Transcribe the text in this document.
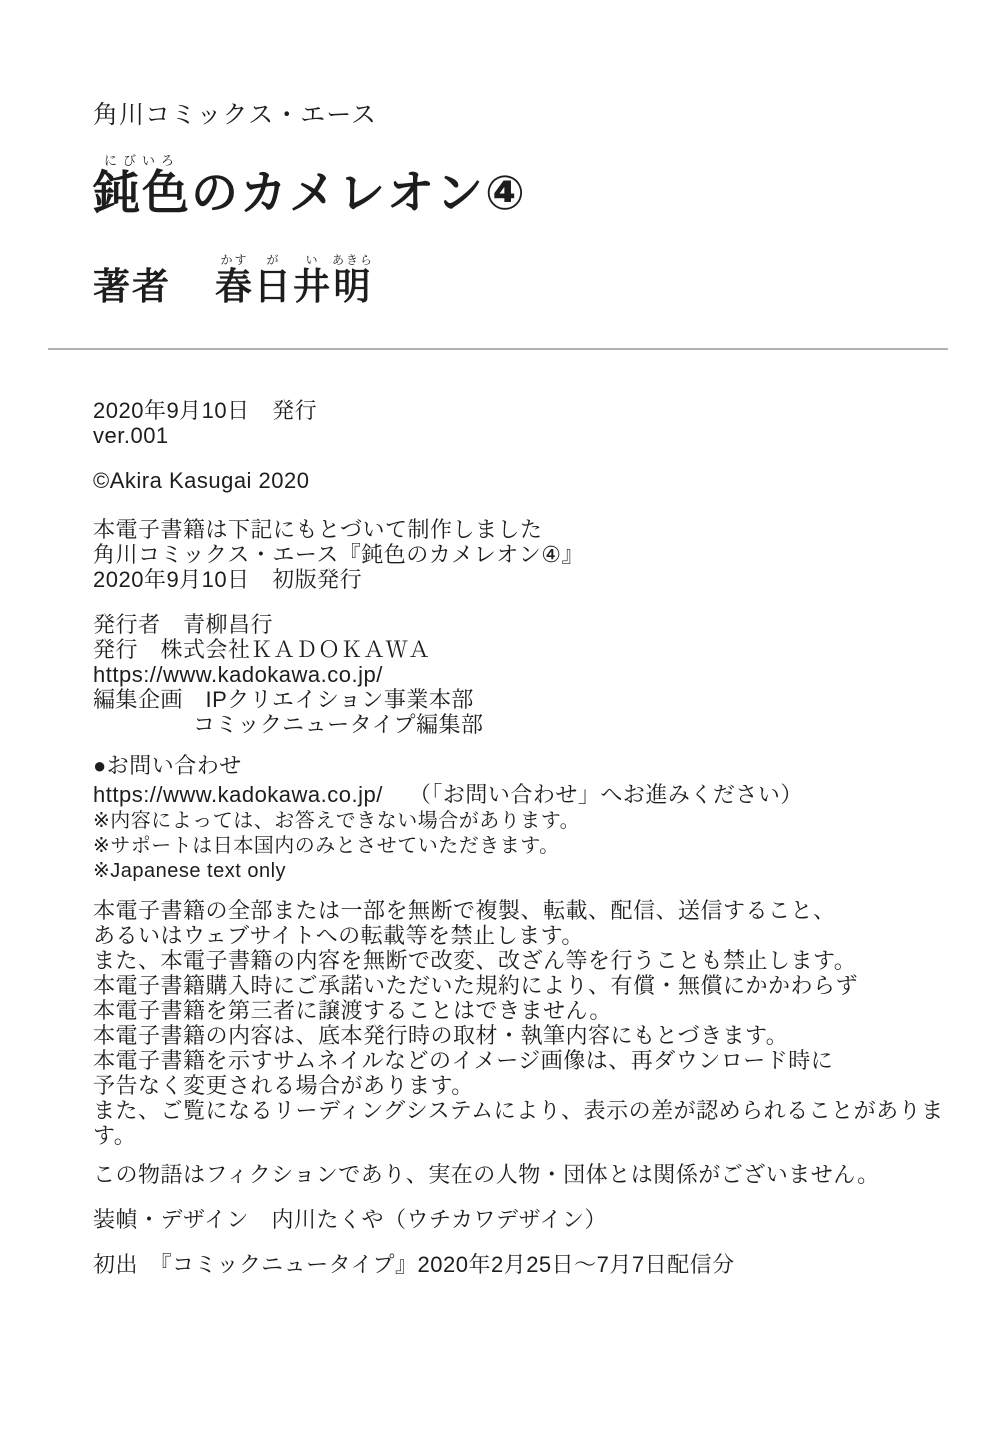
角川コミックス・エース
鈍色にびいろのカメレオン④
著者 春かす日が井い明あきら
2020年9月10日　発行
ver.001
©Akira Kasugai 2020
本電子書籍は下記にもとづいて制作しました
角川コミックス・エース『鈍色のカメレオン④』
2020年9月10日　初版発行
発行者　青柳昌行
発行　株式会社ＫＡＤＯＫＡＷＡ
https://www.kadokawa.co.jp/
編集企画　IPクリエイション事業本部
コミックニュータイプ編集部
●お問い合わせ
https://www.kadokawa.co.jp/ （「お問い合わせ」へお進みください）
※内容によっては、お答えできない場合があります。
※サポートは日本国内のみとさせていただきます。
※Japanese text only
本電子書籍の全部または一部を無断で複製、転載、配信、送信すること、
あるいはウェブサイトへの転載等を禁止します。
また、本電子書籍の内容を無断で改変、改ざん等を行うことも禁止します。
本電子書籍購入時にご承諾いただいた規約により、有償・無償にかかわらず
本電子書籍を第三者に譲渡することはできません。
本電子書籍の内容は、底本発行時の取材・執筆内容にもとづきます。
本電子書籍を示すサムネイルなどのイメージ画像は、再ダウンロード時に
予告なく変更される場合があります。
また、ご覧になるリーディングシステムにより、表示の差が認められることがあります。
この物語はフィクションであり、実在の人物・団体とは関係がございません。
装幀・デザイン　内川たくや（ウチカワデザイン）
初出　『コミックニュータイプ』2020年2月25日～7月7日配信分
